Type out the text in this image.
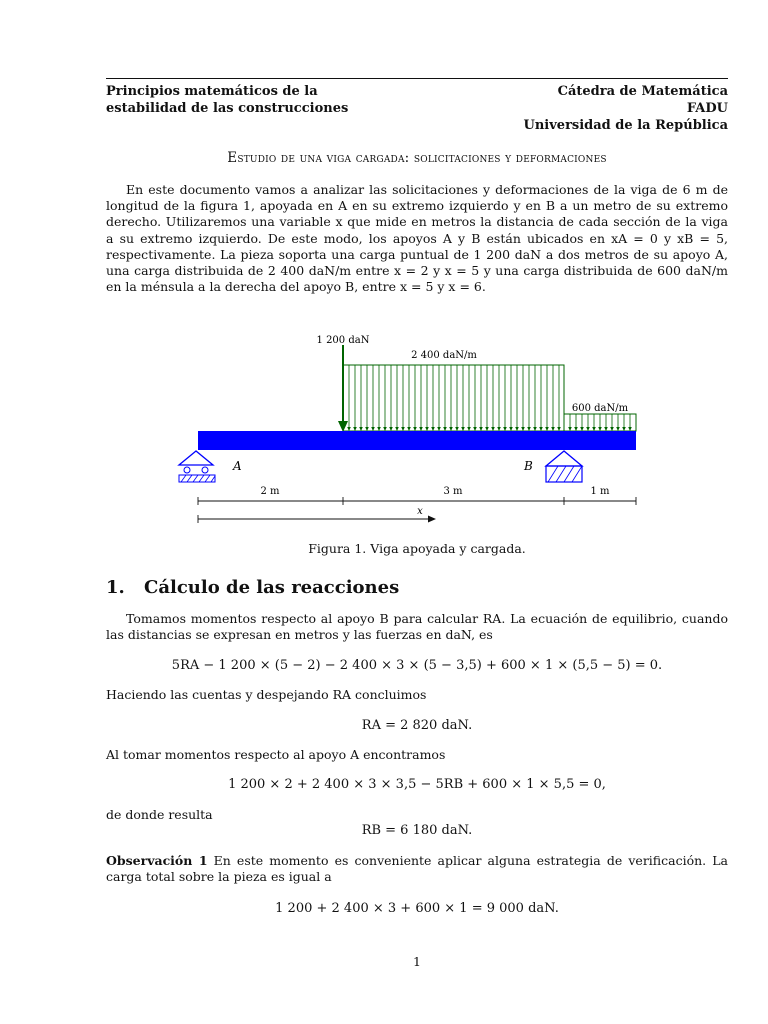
Principios matemáticos de la
estabilidad de las construcciones
Cátedra de Matemática
FADU
Universidad de la República
Estudio de una viga cargada: solicitaciones y deformaciones

En este documento vamos a analizar las solicitaciones y deformaciones de la viga de 6 m de longitud de la figura 1, apoyada en A en su extremo izquierdo y en B a un metro de su extremo derecho. Utilizaremos una variable x que mide en metros la distancia de cada sección de la viga a su extremo izquierdo. De este modo, los apoyos A y B están ubicados en xA = 0 y xB = 5, respectivamente. La pieza soporta una carga puntual de 1 200 daN a dos metros de su apoyo A, una carga distribuida de 2 400 daN/m entre x = 2 y x = 5 y una carga distribuida de 600 daN/m en la ménsula a la derecha del apoyo B, entre x = 5 y x = 6.

1 200 daN
2 400 daN/m
600 daN/m
A	B
2 m	3 m	1 m
x
Figura 1. Viga apoyada y cargada.
1. Cálculo de las reacciones

Tomamos momentos respecto al apoyo B para calcular RA. La ecuación de equilibrio, cuando las distancias se expresan en metros y las fuerzas en daN, es

5RA − 1 200 × (5 − 2) − 2 400 × 3 × (5 − 3,5) + 600 × 1 × (5,5 − 5) = 0.

Haciendo las cuentas y despejando RA concluimos

RA = 2 820 daN.

Al tomar momentos respecto al apoyo A encontramos

1 200 × 2 + 2 400 × 3 × 3,5 − 5RB + 600 × 1 × 5,5 = 0,

de donde resulta

RB = 6 180 daN.

Observación 1 En este momento es conveniente aplicar alguna estrategia de verificación. La carga total sobre la pieza es igual a

1 200 + 2 400 × 3 + 600 × 1 = 9 000 daN.
1
